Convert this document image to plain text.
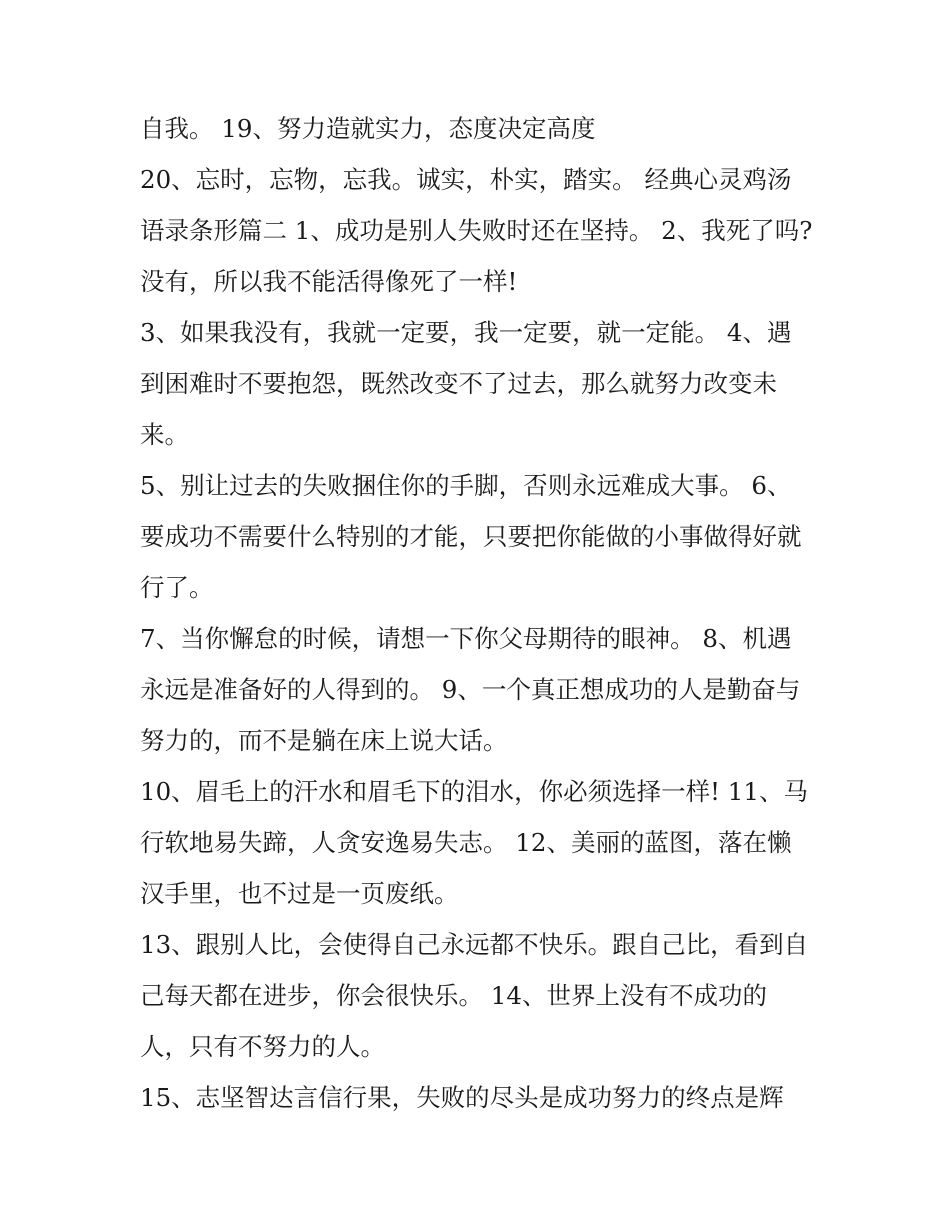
自我。 19、努力造就实力，态度决定高度
20、忘时，忘物，忘我。诚实，朴实，踏实。 经典心灵鸡汤
语录条形篇二 1、成功是别人失败时还在坚持。 2、我死了吗?
没有，所以我不能活得像死了一样!
3、如果我没有，我就一定要，我一定要，就一定能。 4、遇
到困难时不要抱怨，既然改变不了过去，那么就努力改变未
来。
5、别让过去的失败捆住你的手脚，否则永远难成大事。 6、
要成功不需要什么特别的才能，只要把你能做的小事做得好就
行了。
7、当你懈怠的时候，请想一下你父母期待的眼神。 8、机遇
永远是准备好的人得到的。 9、一个真正想成功的人是勤奋与
努力的，而不是躺在床上说大话。
10、眉毛上的汗水和眉毛下的泪水，你必须选择一样! 11、马
行软地易失蹄，人贪安逸易失志。 12、美丽的蓝图，落在懒
汉手里，也不过是一页废纸。
13、跟别人比，会使得自己永远都不快乐。跟自己比，看到自
己每天都在进步，你会很快乐。 14、世界上没有不成功的
人，只有不努力的人。
15、志坚智达言信行果，失败的尽头是成功努力的终点是辉
